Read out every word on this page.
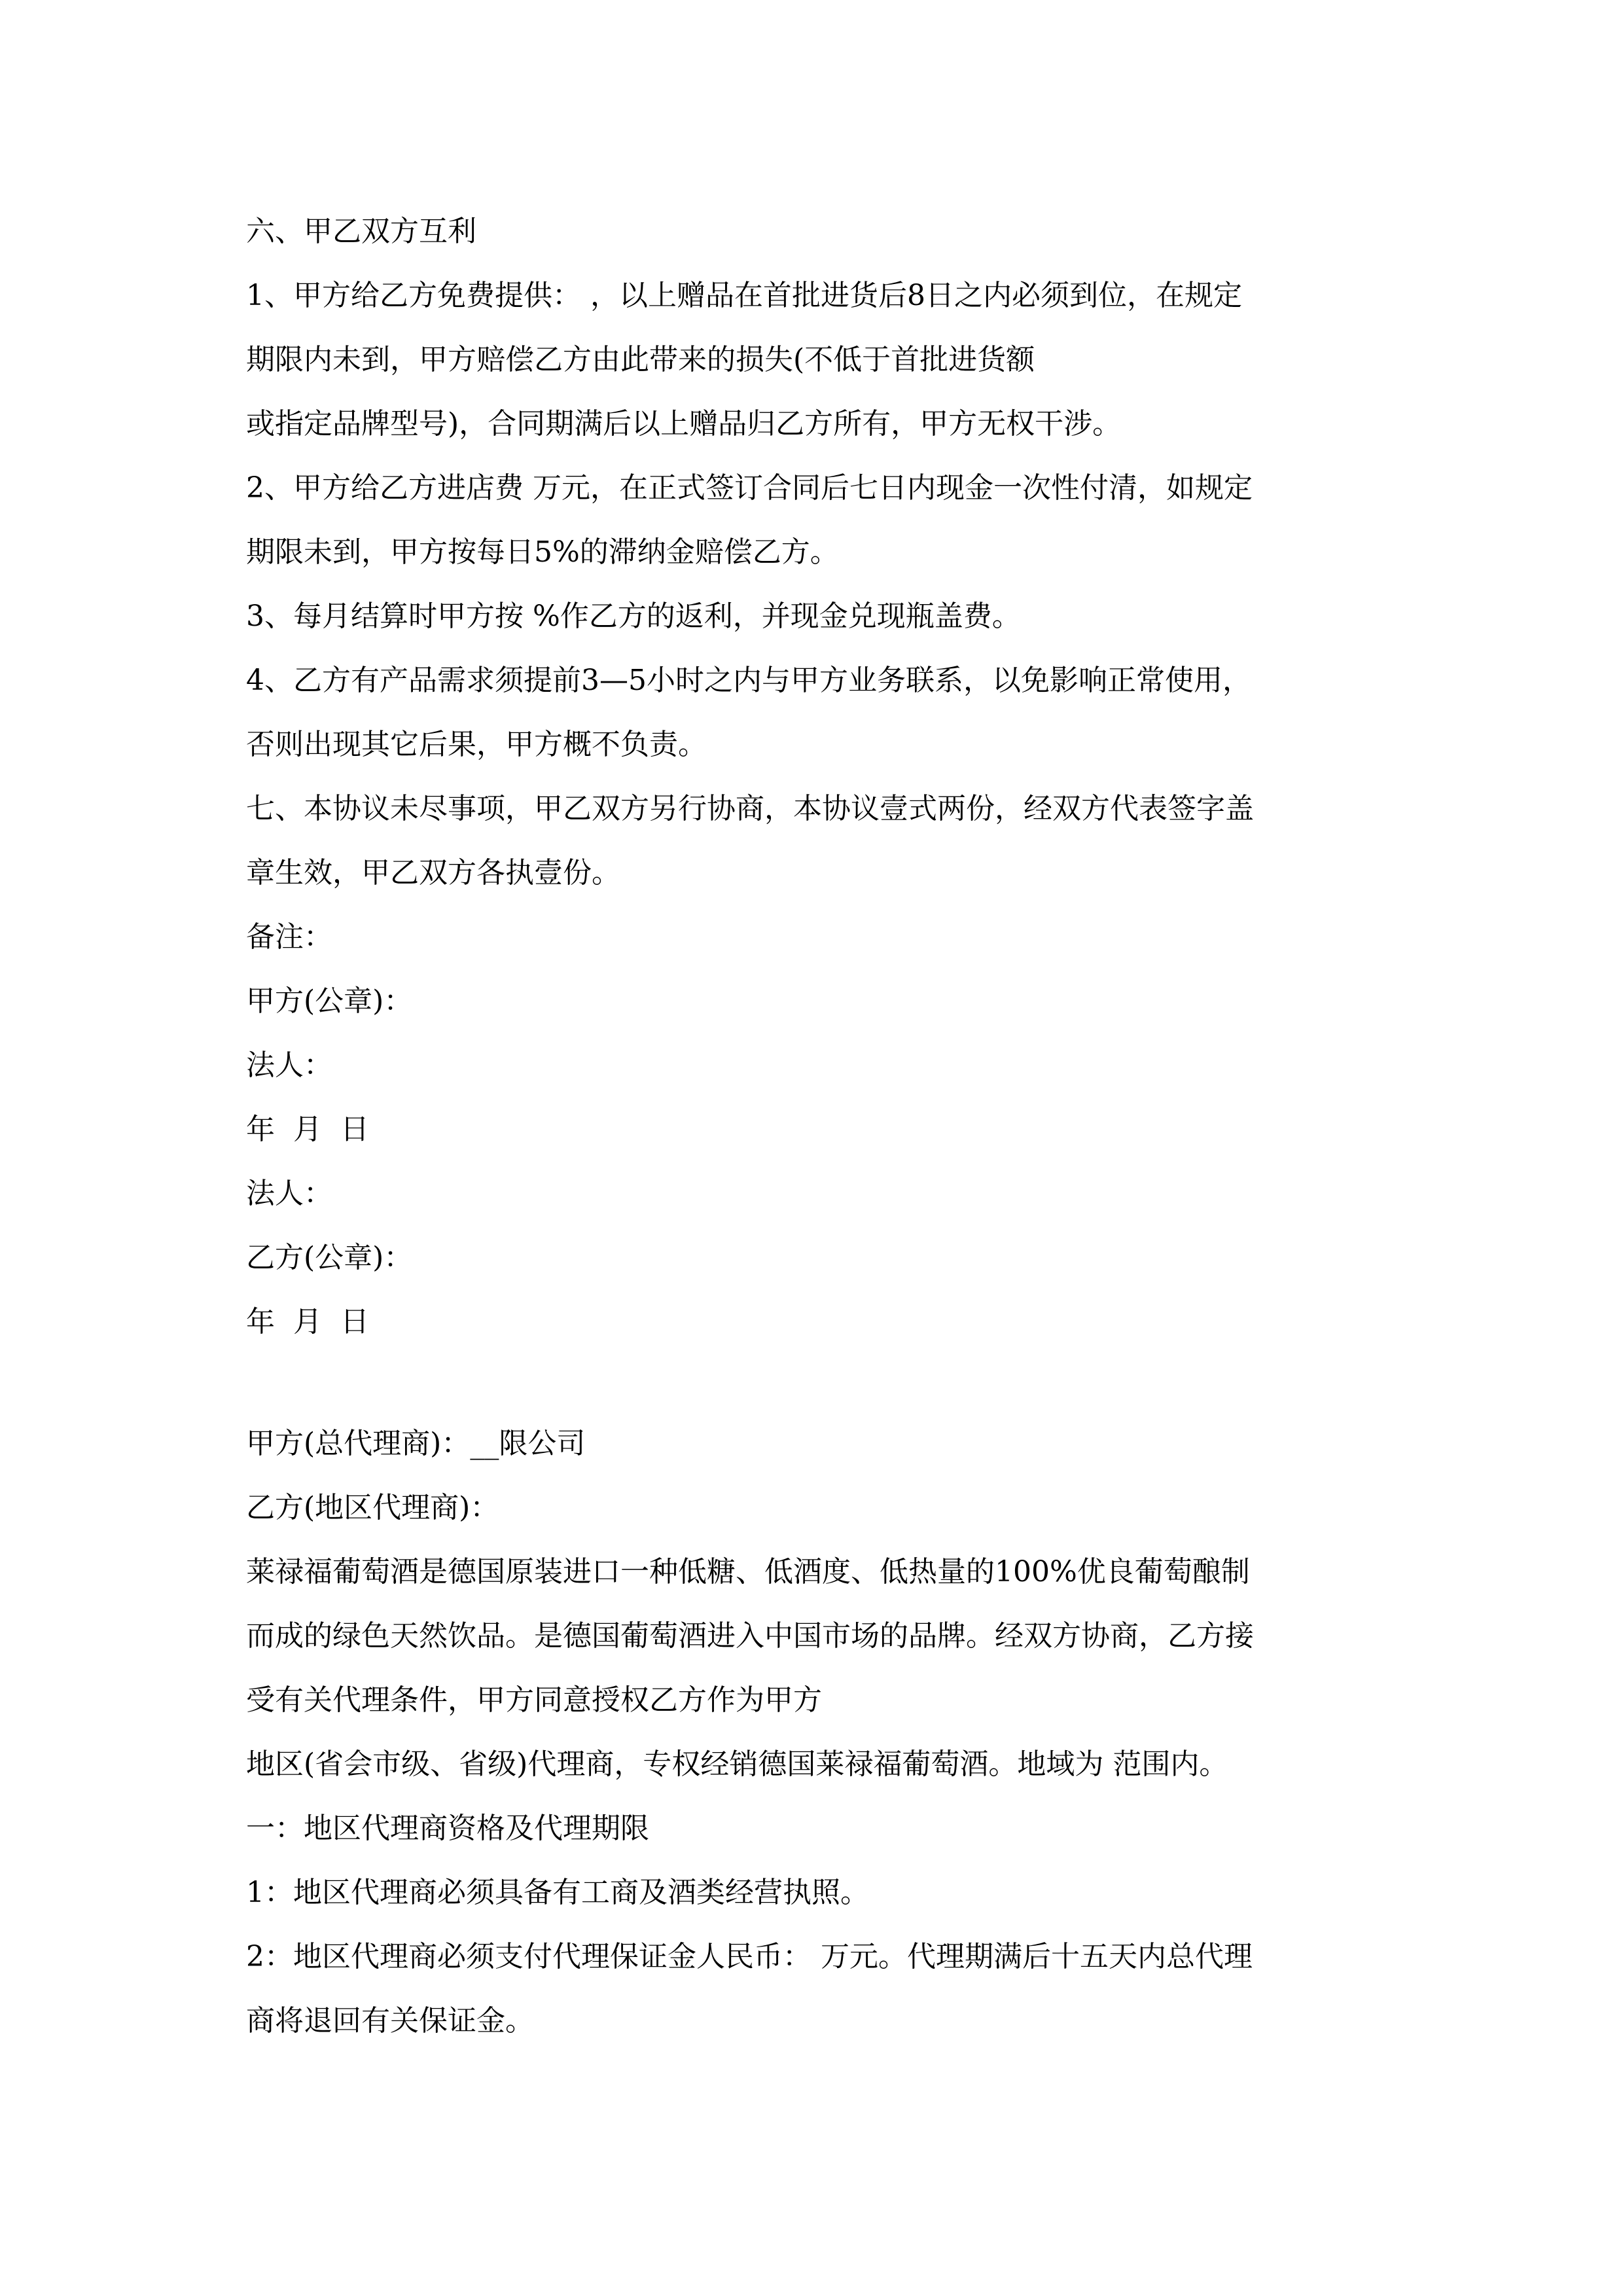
六、甲乙双方互利

1、甲方给乙方免费提供： ，以上赠品在首批进货后8日之内必须到位，在规定

期限内未到，甲方赔偿乙方由此带来的损失(不低于首批进货额

或指定品牌型号)，合同期满后以上赠品归乙方所有，甲方无权干涉。

2、甲方给乙方进店费 万元，在正式签订合同后七日内现金一次性付清，如规定

期限未到，甲方按每日5%的滞纳金赔偿乙方。

3、每月结算时甲方按 %作乙方的返利，并现金兑现瓶盖费。

4、乙方有产品需求须提前3—5小时之内与甲方业务联系，以免影响正常使用，

否则出现其它后果，甲方概不负责。

七、本协议未尽事项，甲乙双方另行协商，本协议壹式两份，经双方代表签字盖

章生效，甲乙双方各执壹份。

备注：

甲方(公章)：

法人：

年  月  日

法人：

乙方(公章)：

年  月  日

甲方(总代理商)：__限公司

乙方(地区代理商)：

莱禄福葡萄酒是德国原装进口一种低糖、低酒度、低热量的100%优良葡萄酿制

而成的绿色天然饮品。是德国葡萄酒进入中国市场的品牌。经双方协商，乙方接

受有关代理条件，甲方同意授权乙方作为甲方

地区(省会市级、省级)代理商，专权经销德国莱禄福葡萄酒。地域为 范围内。

一：地区代理商资格及代理期限

1：地区代理商必须具备有工商及酒类经营执照。

2：地区代理商必须支付代理保证金人民币： 万元。代理期满后十五天内总代理

商将退回有关保证金。
